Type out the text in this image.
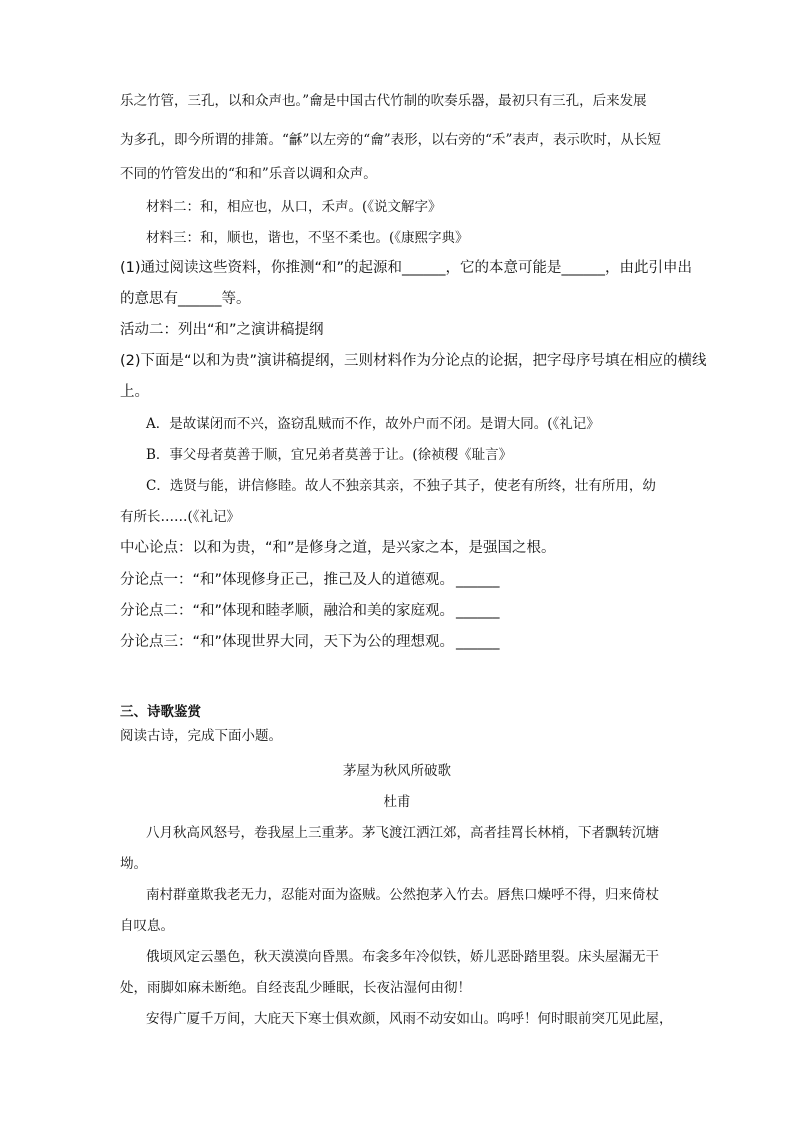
乐之竹管，三孔，以和众声也。”龠是中国古代竹制的吹奏乐器，最初只有三孔，后来发展
为多孔，即今所谓的排箫。“龢”以左旁的“龠”表形，以右旁的“禾”表声，表示吹时，从长短
不同的竹管发出的“和和”乐音以调和众声。
材料二：和，相应也，从口，禾声。(《说文解字》
材料三：和，顺也，谐也，不坚不柔也。(《康熙字典》
(1)通过阅读这些资料，你推测“和”的起源和______，它的本意可能是______，由此引申出
的意思有______等。
活动二：列出“和”之演讲稿提纲
(2)下面是“以和为贵”演讲稿提纲，三则材料作为分论点的论据，把字母序号填在相应的横线
上。
A．是故谋闭而不兴，盗窃乱贼而不作，故外户而不闭。是谓大同。(《礼记》
B．事父母者莫善于顺，宜兄弟者莫善于让。(徐祯稷《耻言》
C．选贤与能，讲信修睦。故人不独亲其亲，不独子其子，使老有所终，壮有所用，幼
有所长……(《礼记》
中心论点：以和为贵，“和”是修身之道，是兴家之本，是强国之根。
分论点一：“和”体现修身正己，推己及人的道德观。 ______
分论点二：“和”体现和睦孝顺，融洽和美的家庭观。 ______
分论点三：“和”体现世界大同，天下为公的理想观。 ______
三、诗歌鉴赏
阅读古诗，完成下面小题。
茅屋为秋风所破歌
杜甫
八月秋高风怒号，卷我屋上三重茅。茅飞渡江洒江郊，高者挂罥长林梢，下者飘转沉塘
坳。
南村群童欺我老无力，忍能对面为盗贼。公然抱茅入竹去。唇焦口燥呼不得，归来倚杖
自叹息。
俄顷风定云墨色，秋天漠漠向昏黑。布衾多年冷似铁，娇儿恶卧踏里裂。床头屋漏无干
处，雨脚如麻未断绝。自经丧乱少睡眠，长夜沾湿何由彻！
安得广厦千万间，大庇天下寒士俱欢颜，风雨不动安如山。呜呼！何时眼前突兀见此屋，
